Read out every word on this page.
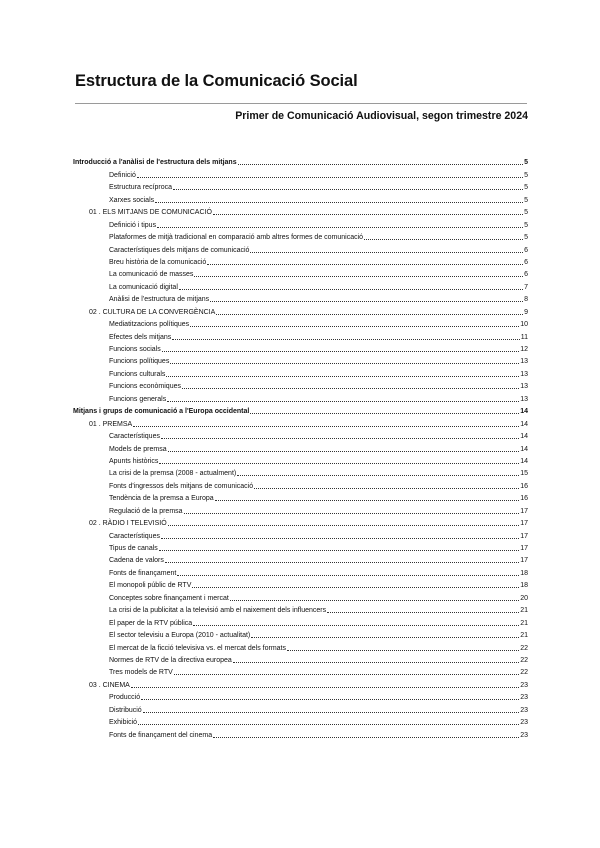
Estructura de la Comunicació Social
Primer de Comunicació Audiovisual, segon trimestre 2024
Introducció a l'anàlisi de l'estructura dels mitjans	5
Definició	5
Estructura recíproca	5
Xarxes socials	5
01 . ELS MITJANS DE COMUNICACIÓ	5
Definició i tipus	5
Plataformes de mitjà tradicional en comparació amb altres formes de comunicació	5
Característiques dels mitjans de comunicació	6
Breu història de la comunicació	6
La comunicació de masses	6
La comunicació digital	7
Anàlisi de l'estructura de mitjans	8
02 . CULTURA DE LA CONVERGÈNCIA	9
Mediatitzacions polítiques	10
Efectes dels mitjans	11
Funcions socials	12
Funcions polítiques	13
Funcions culturals	13
Funcions econòmiques	13
Funcions generals	13
Mitjans i grups de comunicació a l'Europa occidental	14
01 . PREMSA	14
Característiques	14
Models de premsa	14
Apunts històrics	14
La crisi de la premsa (2008 - actualment)	15
Fonts d'ingressos dels mitjans de comunicació	16
Tendència de la premsa a Europa	16
Regulació de la premsa	17
02 . RÀDIO I TELEVISIÓ	17
Característiques	17
Tipus de canals	17
Cadena de valors	17
Fonts de finançament	18
El monopoli públic de RTV	18
Conceptes sobre finançament i mercat	20
La crisi de la publicitat a la televisió amb el naixement dels influencers	21
El paper de la RTV pública	21
El sector televisiu a Europa (2010 - actualitat)	21
El mercat de la ficció televisiva vs. el mercat dels formats	22
Normes de RTV de la directiva europea	22
Tres models de RTV	22
03 . CINEMA	23
Producció	23
Distribució	23
Exhibició	23
Fonts de finançament del cinema	23
